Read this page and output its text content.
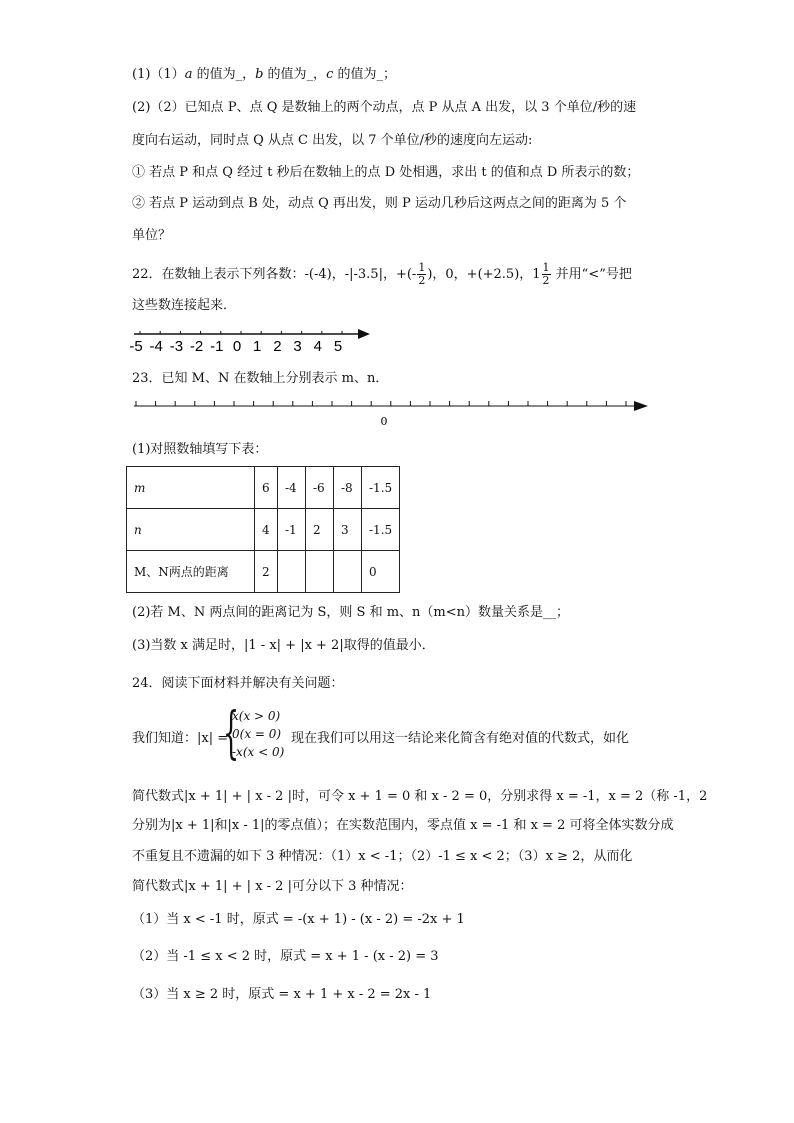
(1)（1）a 的值为_，b 的值为_，c 的值为_；
(2)（2）已知点 P、点 Q 是数轴上的两个动点，点 P 从点 A 出发，以 3 个单位/秒的速
度向右运动，同时点 Q 从点 C 出发，以 7 个单位/秒的速度向左运动:
① 若点 P 和点 Q 经过 t 秒后在数轴上的点 D 处相遇，求出 t 的值和点 D 所表示的数；
② 若点 P 运动到点 B 处，动点 Q 再出发，则 P 运动几秒后这两点之间的距离为 5 个
单位？
22．在数轴上表示下列各数：-(-4)，-|-3.5|，+(- $\frac{1}{2}$ )，0，+(+2.5)，$1 \frac{1}{2}$ 并用“<”号把
这些数连接起来．
-5 -4 -3 -2 -1 0 1 2 3 4 5
23．已知 M、N 在数轴上分别表示 m、n．
0
(1)对照数轴填写下表：
m	6	-4	-6	-8	-1.5
n	4	-1	2	3	-1.5
M、N两点的距离	2				0
(2)若 M、N 两点间的距离记为 S，则 S 和 m、n（m<n）数量关系是__；
(3)当数 x 满足时，|1 - x| + |x + 2|取得的值最小．
24．阅读下面材料并解决有关问题：
我们知道：|x| =
{
x(x > 0)
0(x = 0)
-x(x < 0)
现在我们可以用这一结论来化简含有绝对值的代数式，如化
简代数式|x + 1| + | x - 2 |时，可令 x + 1 = 0 和 x - 2 = 0，分别求得 x = -1，x = 2（称 -1，2
分别为|x + 1|和|x - 1|的零点值）；在实数范围内，零点值 x = -1 和 x = 2 可将全体实数分成
不重复且不遗漏的如下 3 种情况：（1）x < -1；（2）-1 ≤ x < 2；（3）x ≥ 2，从而化
简代数式|x + 1| + | x - 2 |可分以下 3 种情况：
（1）当 x < -1 时，原式 = -(x + 1) - (x - 2) = -2x + 1
（2）当 -1 ≤ x < 2 时，原式 = x + 1 - (x - 2) = 3
（3）当 x ≥ 2 时，原式 = x + 1 + x - 2 = 2x - 1
